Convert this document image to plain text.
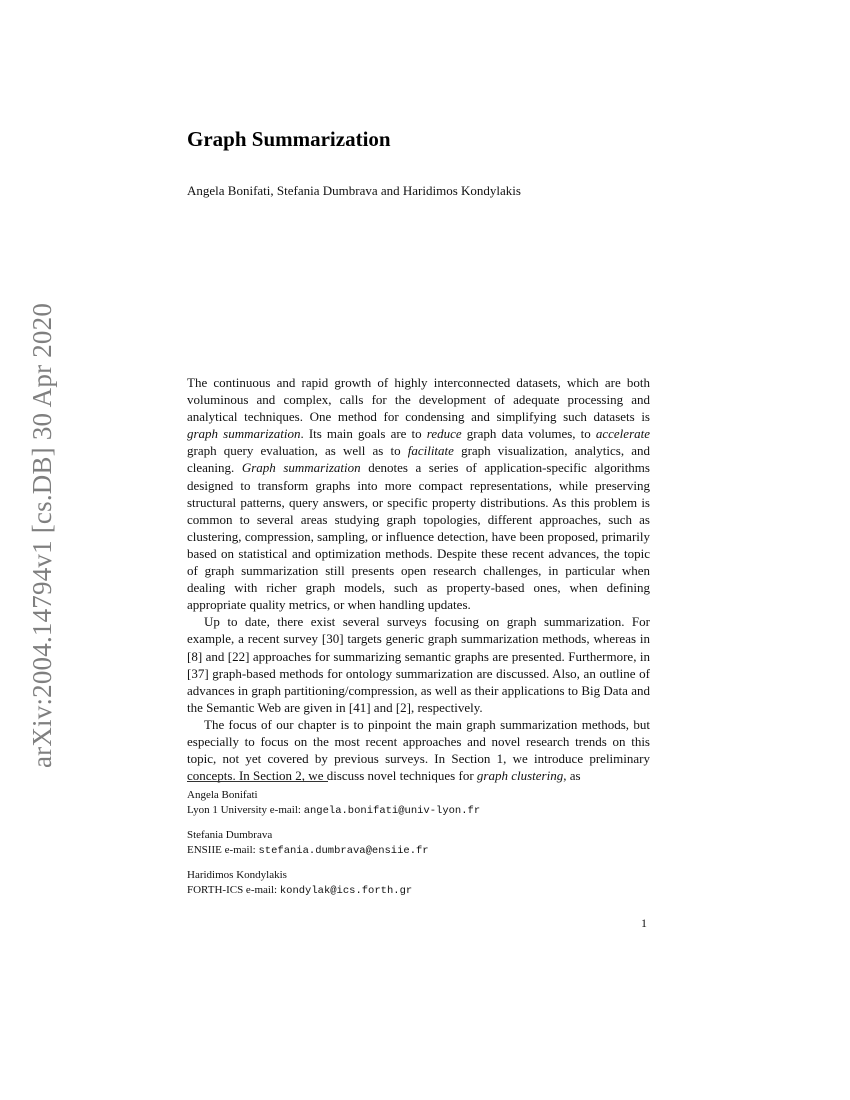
arXiv:2004.14794v1 [cs.DB] 30 Apr 2020
Graph Summarization

Angela Bonifati, Stefania Dumbrava and Haridimos Kondylakis

The continuous and rapid growth of highly interconnected datasets, which are both voluminous and complex, calls for the development of adequate processing and analytical techniques. One method for condensing and simplifying such datasets is graph summarization. Its main goals are to reduce graph data volumes, to accelerate graph query evaluation, as well as to facilitate graph visualization, analytics, and cleaning. Graph summarization denotes a series of application-specific algorithms designed to transform graphs into more compact representations, while preserving structural patterns, query answers, or specific property distributions. As this problem is common to several areas studying graph topologies, different approaches, such as clustering, compression, sampling, or influence detection, have been proposed, primarily based on statistical and optimization methods. Despite these recent advances, the topic of graph summarization still presents open research challenges, in particular when dealing with richer graph models, such as property-based ones, when defining appropriate quality metrics, or when handling updates.

Up to date, there exist several surveys focusing on graph summarization. For example, a recent survey [30] targets generic graph summarization methods, whereas in [8] and [22] approaches for summarizing semantic graphs are presented. Furthermore, in [37] graph-based methods for ontology summarization are discussed. Also, an outline of advances in graph partitioning/compression, as well as their applications to Big Data and the Semantic Web are given in [41] and [2], respectively.

The focus of our chapter is to pinpoint the main graph summarization methods, but especially to focus on the most recent approaches and novel research trends on this topic, not yet covered by previous surveys. In Section 1, we introduce preliminary concepts. In Section 2, we discuss novel techniques for graph clustering, as

Angela Bonifati
Lyon 1 University e-mail: angela.bonifati@univ-lyon.fr
Stefania Dumbrava
ENSIIE e-mail: stefania.dumbrava@ensiie.fr
Haridimos Kondylakis
FORTH-ICS e-mail: kondylak@ics.forth.gr
1
